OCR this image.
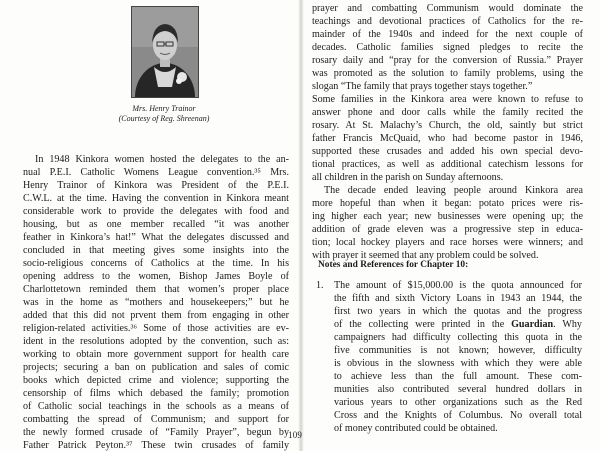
Mrs. Henry Trainor
(Courtesy of Reg. Shreenan)
In 1948 Kinkora women hosted the delegates to the an-
nual P.E.I. Catholic Womens League convention.³⁵ Mrs.
Henry Trainor of Kinkora was President of the P.E.I.
C.W.L. at the time. Having the convention in Kinkora meant
considerable work to provide the delegates with food and
housing, but as one member recalled “it was another
feather in Kinkora’s hat!” What the delegates discussed and
concluded in that meeting gives some insights into the
socio-religious concerns of Catholics at the time. In his
opening address to the women, Bishop James Boyle of
Charlottetown reminded them that women’s proper place
was in the home as “mothers and housekeepers;” but he
added that this did not prvent them from engaging in other
religion-related activities.³⁶ Some of those activities are ev-
ident in the resolutions adopted by the convention, such as:
working to obtain more government support for health care
projects; securing a ban on publication and sales of comic
books which depicted crime and violence; supporting the
censorship of films which debased the family; promotion
of Catholic social teachings in the schools as a means of
combatting the spread of Communism; and support for
the newly formed crusade of “Family Prayer”, begun by
Father Patrick Peyton.³⁷ These twin crusades of family
prayer and combatting Communism would dominate the
teachings and devotional practices of Catholics for the re-
mainder of the 1940s and indeed for the next couple of
decades. Catholic families signed pledges to recite the
rosary daily and “pray for the conversion of Russia.” Prayer
was promoted as the solution to family problems, using the
slogan “The family that prays together stays together.”
Some families in the Kinkora area were known to refuse to
answer phone and door calls while the family recited the
rosary. At St. Malachy’s Church, the old, saintly but strict
father Francis McQuaid, who had become pastor in 1946,
supported these crusades and added his own special devo-
tional practices, as well as additional catechism lessons for
all children in the parish on Sunday afternoons.
The decade ended leaving people around Kinkora area
more hopeful than when it began: potato prices were ris-
ing higher each year; new businesses were opening up; the
addition of grade eleven was a progressive step in educa-
tion; local hockey players and race horses were winners; and
with prayer it seemed that any problem could be solved.
Notes and References for Chapter 10:
1. The amount of $15,000.00 is the quota announced for
the fifth and sixth Victory Loans in 1943 an 1944, the
first two years in which the quotas and the progress
of the collecting were printed in the Guardian. Why
campaigners had difficulty collecting this quota in the
five communities is not known; however, difficulty
is obvious in the slowness with which they were able
to achieve less than the full amount. These com-
munities also contributed several hundred dollars in
various years to other organizations such as the Red
Cross and the Knights of Columbus. No overall total
of money contributed could be obtained.
109
